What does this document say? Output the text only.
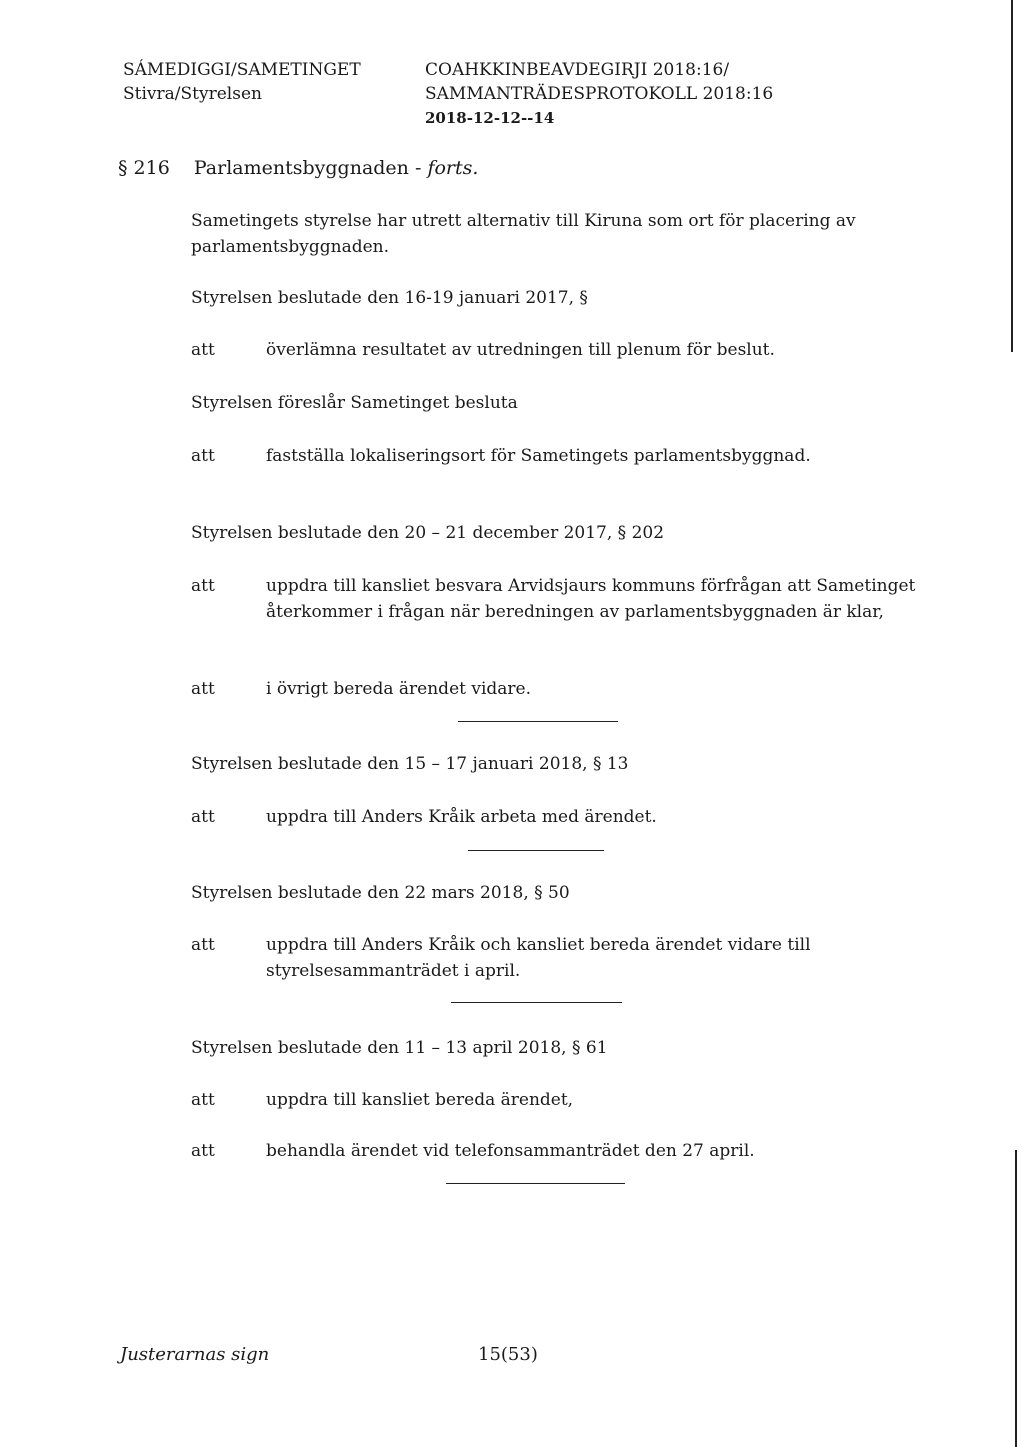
SÁMEDIGGI/SAMETINGET
Stivra/Styrelsen
COAHKKINBEAVDEGIRJI 2018:16/
SAMMANTRÄDESPROTOKOLL 2018:16
2018-12-12--14
§ 216 Parlamentsbyggnaden - forts.
Sametingets styrelse har utrett alternativ till Kiruna som ort för placering av
parlamentsbyggnaden.
Styrelsen beslutade den 16-19 januari 2017, §
att	överlämna resultatet av utredningen till plenum för beslut.
Styrelsen föreslår Sametinget besluta
att	fastställa lokaliseringsort för Sametingets parlamentsbyggnad.
Styrelsen beslutade den 20 – 21 december 2017, § 202
att	uppdra till kansliet besvara Arvidsjaurs kommuns förfrågan att Sametinget återkommer i frågan när beredningen av parlamentsbyggnaden är klar,
att	i övrigt bereda ärendet vidare.
Styrelsen beslutade den 15 – 17 januari 2018, § 13
att	uppdra till Anders Kråik arbeta med ärendet.
Styrelsen beslutade den 22 mars 2018, § 50
att	uppdra till Anders Kråik och kansliet bereda ärendet vidare till styrelsesammanträdet i april.
Styrelsen beslutade den 11 – 13 april 2018, § 61
att	uppdra till kansliet bereda ärendet,
att	behandla ärendet vid telefonsammanträdet den 27 april.
Justerarnas sign	15(53)
